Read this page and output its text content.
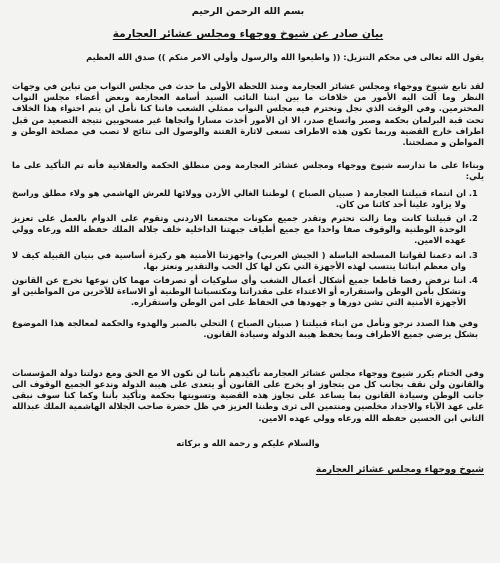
بسم الله الرحمن الرحيم
بيان صادر عن شيوخ ووجهاء ومجلس عشائر العجارمة

يقول الله تعالى في محكم التنزيل: (( واطيعوا الله والرسول وأولي الامر منكم )) صدق الله العظيم

لقد تابع شيوخ ووجهاء ومجلس عشائر العجارمة ومنذ اللحظة الأولى ما حدث في مجلس النواب من تباين في وجهات النظر وما آلت اليه الأمور من خلافات ما بين ابننا النائب السيد أسامة العجارمة وبعض أعضاء مجلس النواب المحترمين. وفي الوقت الذي نجل ونحترم فيه مجلس النواب ممثلي الشعب فاننا كنا نأمل ان يتم احتواء هذا الخلاف تحت قبة البرلمان بحكمة وصبر واتساع صدر، الا ان الأمور أخذت مسارا واتجاها غير مسحوبين نتيجة التصعيد من قبل اطراف خارج القضية وربما تكون هذه الاطراف تسعى لاثارة الفتنة والوصول الى نتائج لا تصب في مصلحة الوطن و المواطن و مصلحتنا.

وبناءا على ما تدارسه شيوخ ووجهاء ومجلس عشائر العجارمة ومن منطلق الحكمة والعقلانية فأنه تم التأكيد على ما يلي:

1. ان انتماء قبيلتنا العجارمة ( صبيان الصباح ) لوطننا الغالي الأردن وولائها للعرش الهاشمي هو ولاء مطلق وراسخ ولا يزاود علينا أحد كائنا من كان.
2. ان قبيلتنا كانت وما زالت تحترم وتقدر جميع مكونات مجتمعنا الاردني وتقوم على الدوام بالعمل على تعزيز الوحدة الوطنية والوقوف صفا واحدا مع جميع أطياف جبهتنا الداخلية خلف جلالة الملك حفظه الله ورعاه وولي عهده الامين.
3. انه دعمنا لقواتنا المسلحة الباسلة ( الجيش العربي) واجهزتنا الأمنية هو ركيزة أساسية في بنيان القبيلة كيف لا وان معظم ابنائنا ينتسب لهذه الأجهزة التي نكن لها كل الحب والتقدير ونعتز بها.
4. اننا نرفض رفضا قاطعا جميع أشكال أعمال الشغب وأي سلوكيات أو تصرفات مهما كان نوعها تخرج عن القانون وتشكل بأمن الوطن واستقراره أو الاعتداء على مقدراتنا ومكتسباتنا الوطنية أو الاساءة للآخرين من المواطنين او الأجهزة الأمنية التي تشن دورها و جهودها في الحفاظ على امن الوطن واستقراره.

وفي هذا الصدد نرجو ونأمل من ابناء قبيلتنا ( صبيان الصباح ) التحلي بالصبر والهدوء والحكمة لمعالجة هذا الموضوع بشكل يرضي جميع الاطراف وبما يحفظ هيبة الدولة وسيادة القانون.

وفي الختام يكرر شيوخ ووجهاء مجلس عشائر العجارمة تأكيدهم بأننا لن نكون الا مع الحق ومع دولتنا دولة المؤسسات والقانون ولن نقف بجانب كل من يتجاوز او يخرج على القانون أو يتعدى على هيبة الدولة وندعو الجميع الوقوف الى جانب الوطن وسيادة القانون بما يساعد على تجاوز هذه القضية وتسويتها بحكمة وتأكيد بأننا وكما كنا سوف نبقى على عهد الآباء والاجداد مخلصين ومنتمين الى ثرى وطننا العزيز في ظل حضرة صاحب الجلالة الهاشمية الملك عبدالله الثاني ابن الحسين حفظه الله ورعاه وولي عهده الامين.

والسلام عليكم و رحمة الله و بركاته
شيوخ ووجهاء ومجلس عشائر العجارمة
